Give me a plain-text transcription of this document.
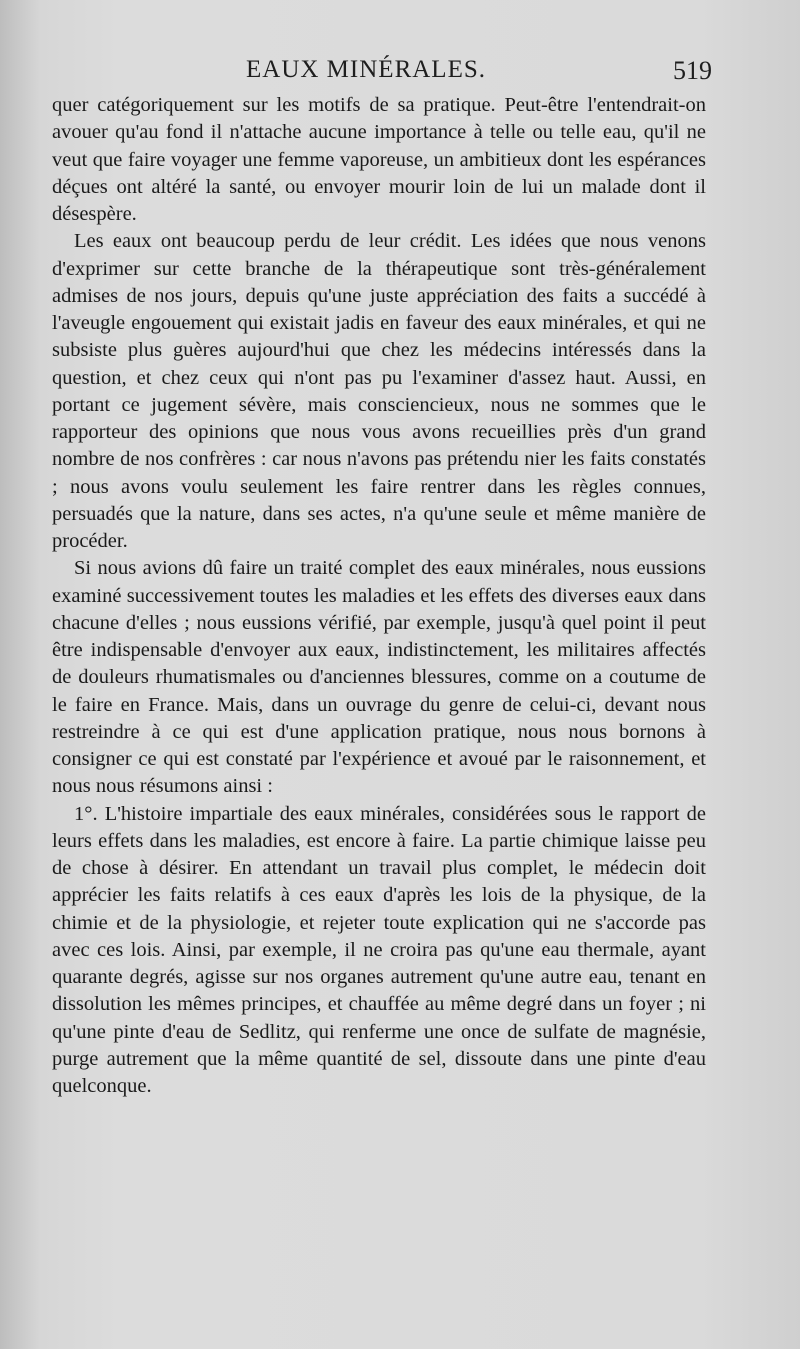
EAUX MINÉRALES.	519

quer catégoriquement sur les motifs de sa pratique. Peut-être l'entendrait-on avouer qu'au fond il n'attache aucune importance à telle ou telle eau, qu'il ne veut que faire voyager une femme vaporeuse, un ambitieux dont les espérances déçues ont altéré la santé, ou envoyer mourir loin de lui un malade dont il désespère.

Les eaux ont beaucoup perdu de leur crédit. Les idées que nous venons d'exprimer sur cette branche de la thérapeutique sont très-généralement admises de nos jours, depuis qu'une juste appréciation des faits a succédé à l'aveugle engouement qui existait jadis en faveur des eaux minérales, et qui ne subsiste plus guères aujourd'hui que chez les médecins intéressés dans la question, et chez ceux qui n'ont pas pu l'examiner d'assez haut. Aussi, en portant ce jugement sévère, mais consciencieux, nous ne sommes que le rapporteur des opinions que nous vous avons recueillies près d'un grand nombre de nos confrères : car nous n'avons pas prétendu nier les faits constatés ; nous avons voulu seulement les faire rentrer dans les règles connues, persuadés que la nature, dans ses actes, n'a qu'une seule et même manière de procéder.

Si nous avions dû faire un traité complet des eaux minérales, nous eussions examiné successivement toutes les maladies et les effets des diverses eaux dans chacune d'elles ; nous eussions vérifié, par exemple, jusqu'à quel point il peut être indispensable d'envoyer aux eaux, indistinctement, les militaires affectés de douleurs rhumatismales ou d'anciennes blessures, comme on a coutume de le faire en France. Mais, dans un ouvrage du genre de celui-ci, devant nous restreindre à ce qui est d'une application pratique, nous nous bornons à consigner ce qui est constaté par l'expérience et avoué par le raisonnement, et nous nous résumons ainsi :

1°. L'histoire impartiale des eaux minérales, considérées sous le rapport de leurs effets dans les maladies, est encore à faire. La partie chimique laisse peu de chose à désirer. En attendant un travail plus complet, le médecin doit apprécier les faits relatifs à ces eaux d'après les lois de la physique, de la chimie et de la physiologie, et rejeter toute explication qui ne s'accorde pas avec ces lois. Ainsi, par exemple, il ne croira pas qu'une eau thermale, ayant quarante degrés, agisse sur nos organes autrement qu'une autre eau, tenant en dissolution les mêmes principes, et chauffée au même degré dans un foyer ; ni qu'une pinte d'eau de Sedlitz, qui renferme une once de sulfate de magnésie, purge autrement que la même quantité de sel, dissoute dans une pinte d'eau quelconque.
